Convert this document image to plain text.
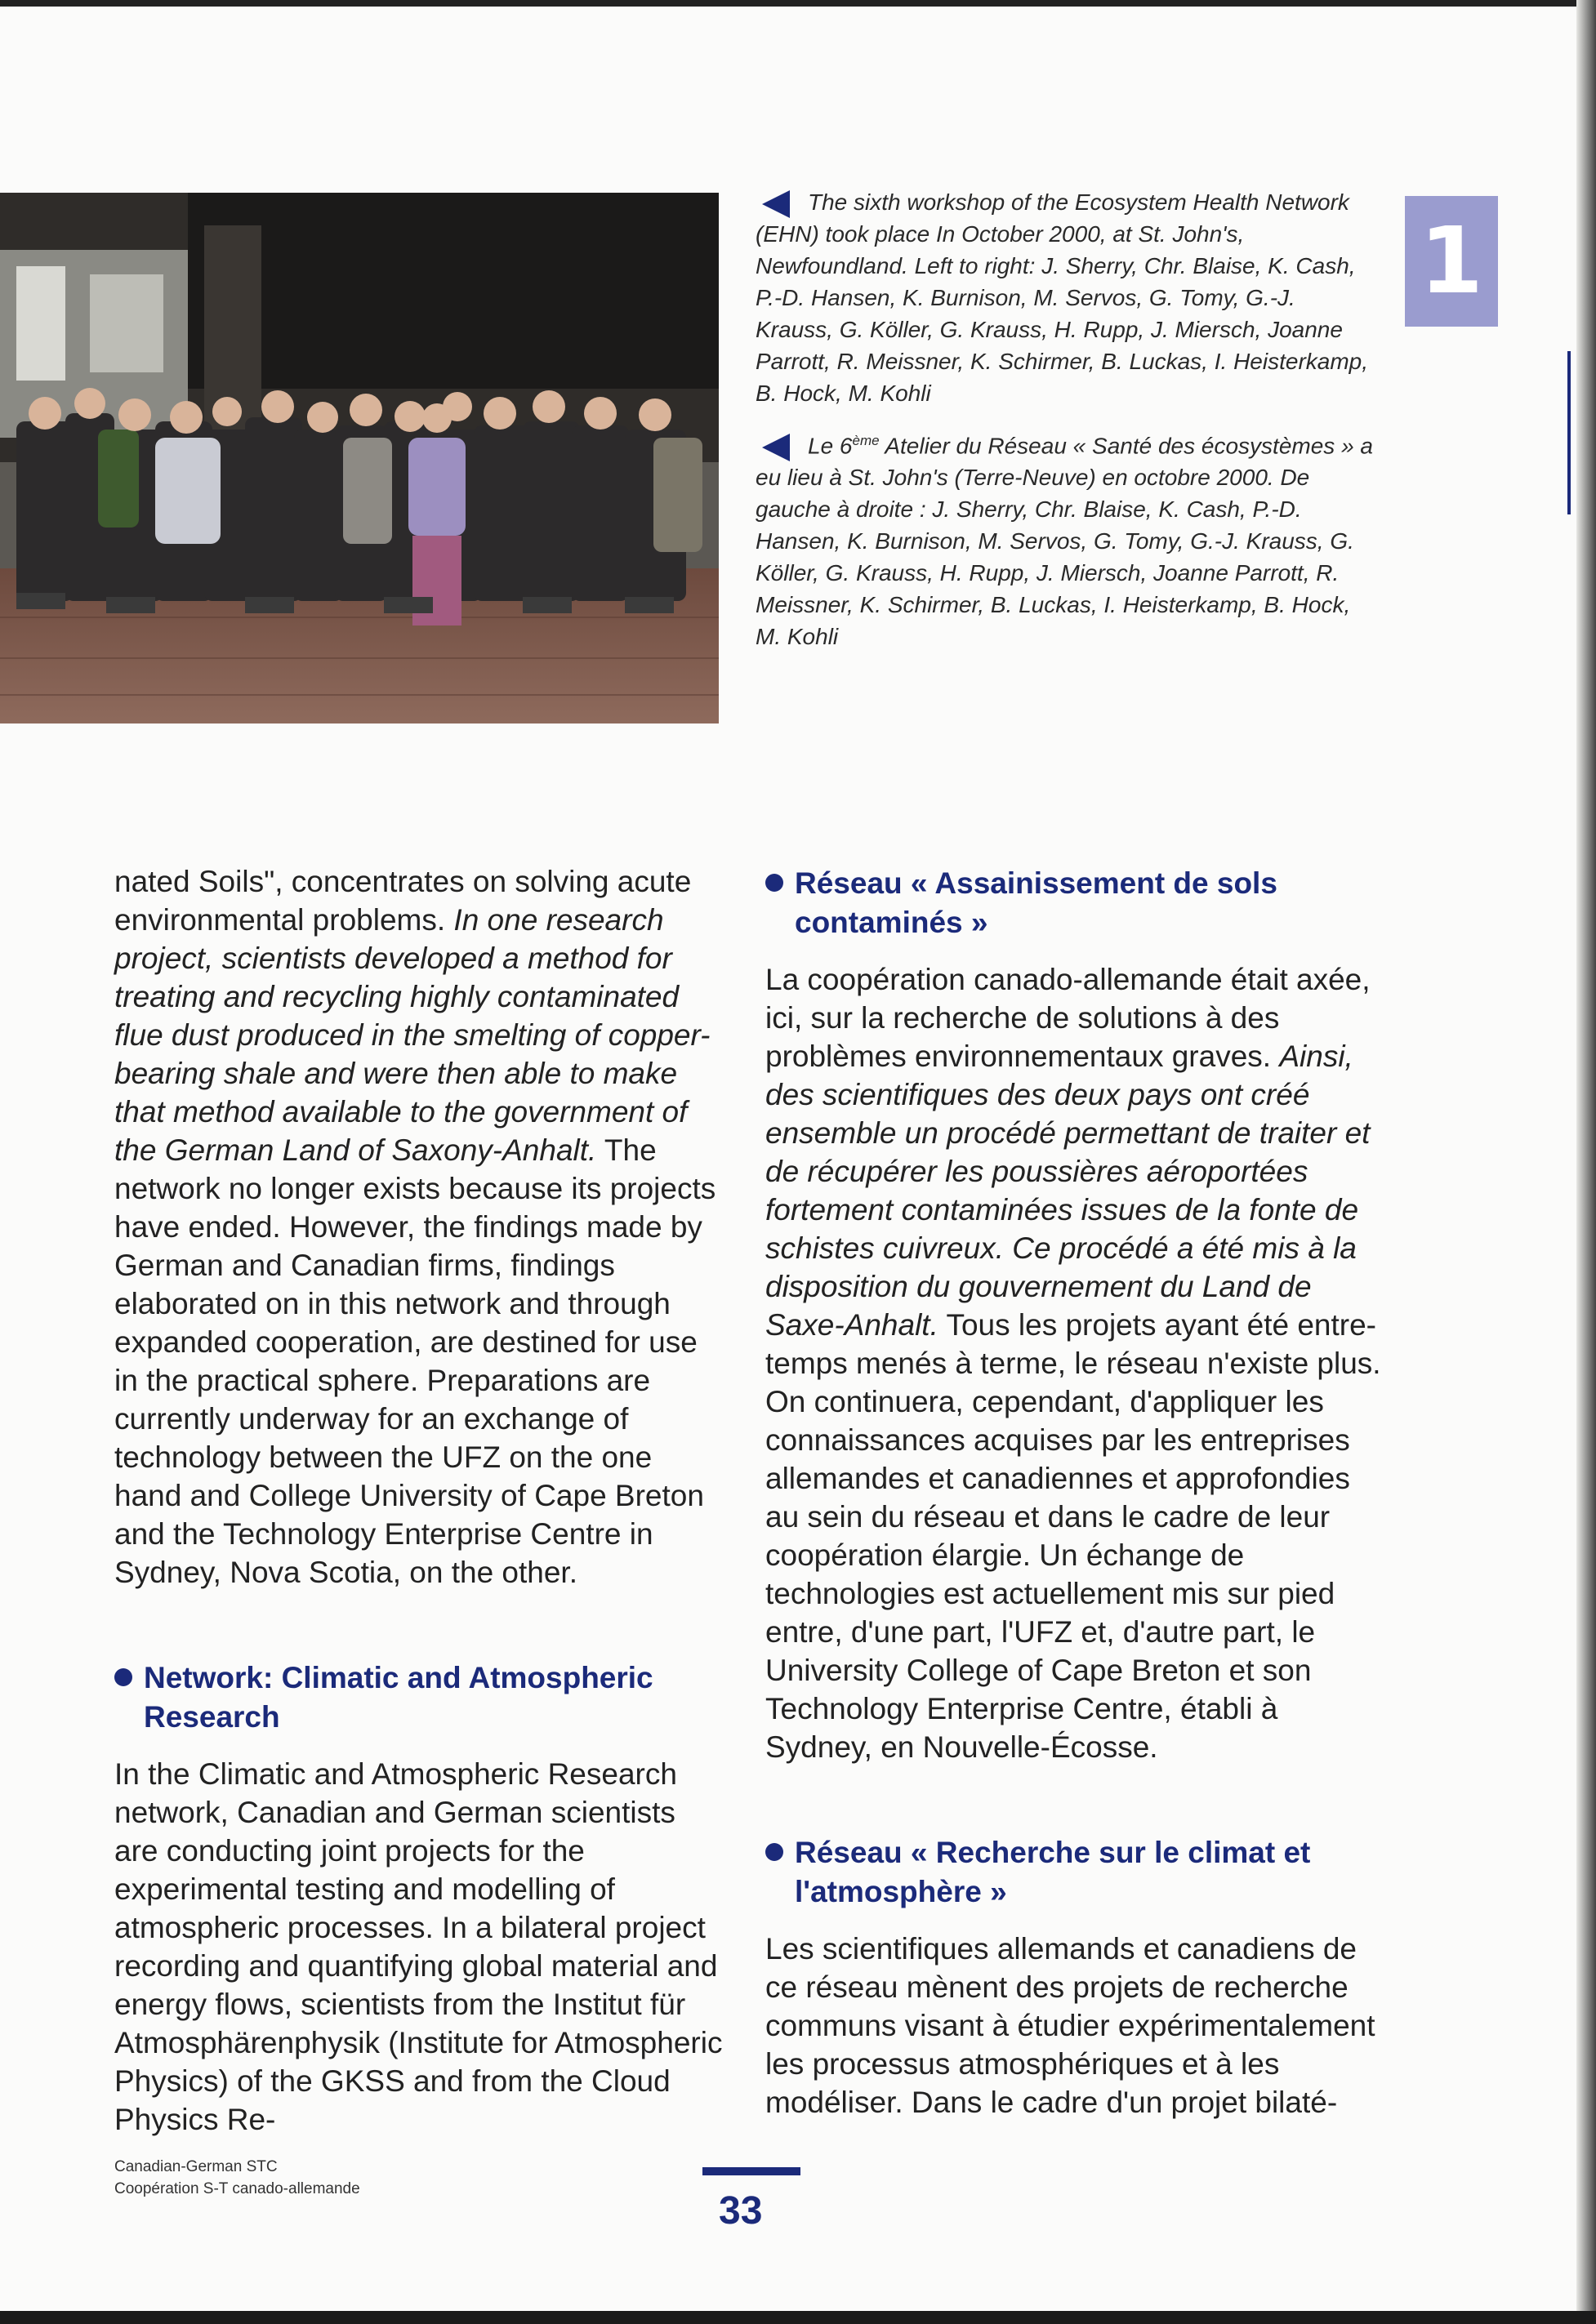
1
The sixth workshop of the Ecosystem Health Network (EHN) took place In October 2000, at St. John's, Newfoundland. Left to right: J. Sherry, Chr. Blaise, K. Cash, P.-D. Hansen, K. Burnison, M. Servos, G. Tomy, G.-J. Krauss, G. Köller, G. Krauss, H. Rupp, J. Miersch, Joanne Parrott, R. Meissner, K. Schirmer, B. Luckas, I. Heisterkamp, B. Hock, M. Kohli
Le 6ème Atelier du Réseau « Santé des écosystèmes » a eu lieu à St. John's (Terre-Neuve) en octobre 2000. De gauche à droite : J. Sherry, Chr. Blaise, K. Cash, P.-D. Hansen, K. Burnison, M. Servos, G. Tomy, G.-J. Krauss, G. Köller, G. Krauss, H. Rupp, J. Miersch, Joanne Parrott, R. Meissner, K. Schirmer, B. Luckas, I. Heisterkamp, B. Hock, M. Kohli

nated Soils", concentrates on solving acute environmental problems. In one research project, scientists developed a method for treating and recycling highly contaminated flue dust produced in the smelting of copper-bearing shale and were then able to make that method available to the government of the German Land of Saxony-Anhalt. The network no longer exists because its projects have ended. However, the findings made by German and Canadian firms, findings elaborated on in this network and through expanded cooperation, are destined for use in the practical sphere. Preparations are currently underway for an exchange of technology between the UFZ on the one hand and College University of Cape Breton and the Technology Enterprise Centre in Sydney, Nova Scotia, on the other.

Network: Climatic and Atmospheric
Research

In the Climatic and Atmospheric Research network, Canadian and German scientists are conducting joint projects for the experimental testing and modelling of atmospheric processes. In a bilateral project recording and quantifying global material and energy flows, scientists from the Institut für Atmosphärenphysik (Institute for Atmospheric Physics) of the GKSS and from the Cloud Physics Re-

Réseau « Assainissement de sols
contaminés »

La coopération canado-allemande était axée, ici, sur la recherche de solutions à des problèmes environnementaux graves. Ainsi, des scientifiques des deux pays ont créé ensemble un procédé permettant de traiter et de récupérer les poussières aéroportées fortement contaminées issues de la fonte de schistes cuivreux. Ce procédé a été mis à la disposition du gouvernement du Land de Saxe-Anhalt. Tous les projets ayant été entre-temps menés à terme, le réseau n'existe plus. On continuera, cependant, d'appliquer les connaissances acquises par les entreprises allemandes et canadiennes et approfondies au sein du réseau et dans le cadre de leur coopération élargie. Un échange de technologies est actuellement mis sur pied entre, d'une part, l'UFZ et, d'autre part, le University College of Cape Breton et son Technology Enterprise Centre, établi à Sydney, en Nouvelle-Écosse.

Réseau « Recherche sur le climat et
l'atmosphère »

Les scientifiques allemands et canadiens de ce réseau mènent des projets de recherche communs visant à étudier expérimentalement les processus atmosphériques et à les modéliser. Dans le cadre d'un projet bilaté-

Canadian-German STC
Coopération S-T canado-allemande
33
